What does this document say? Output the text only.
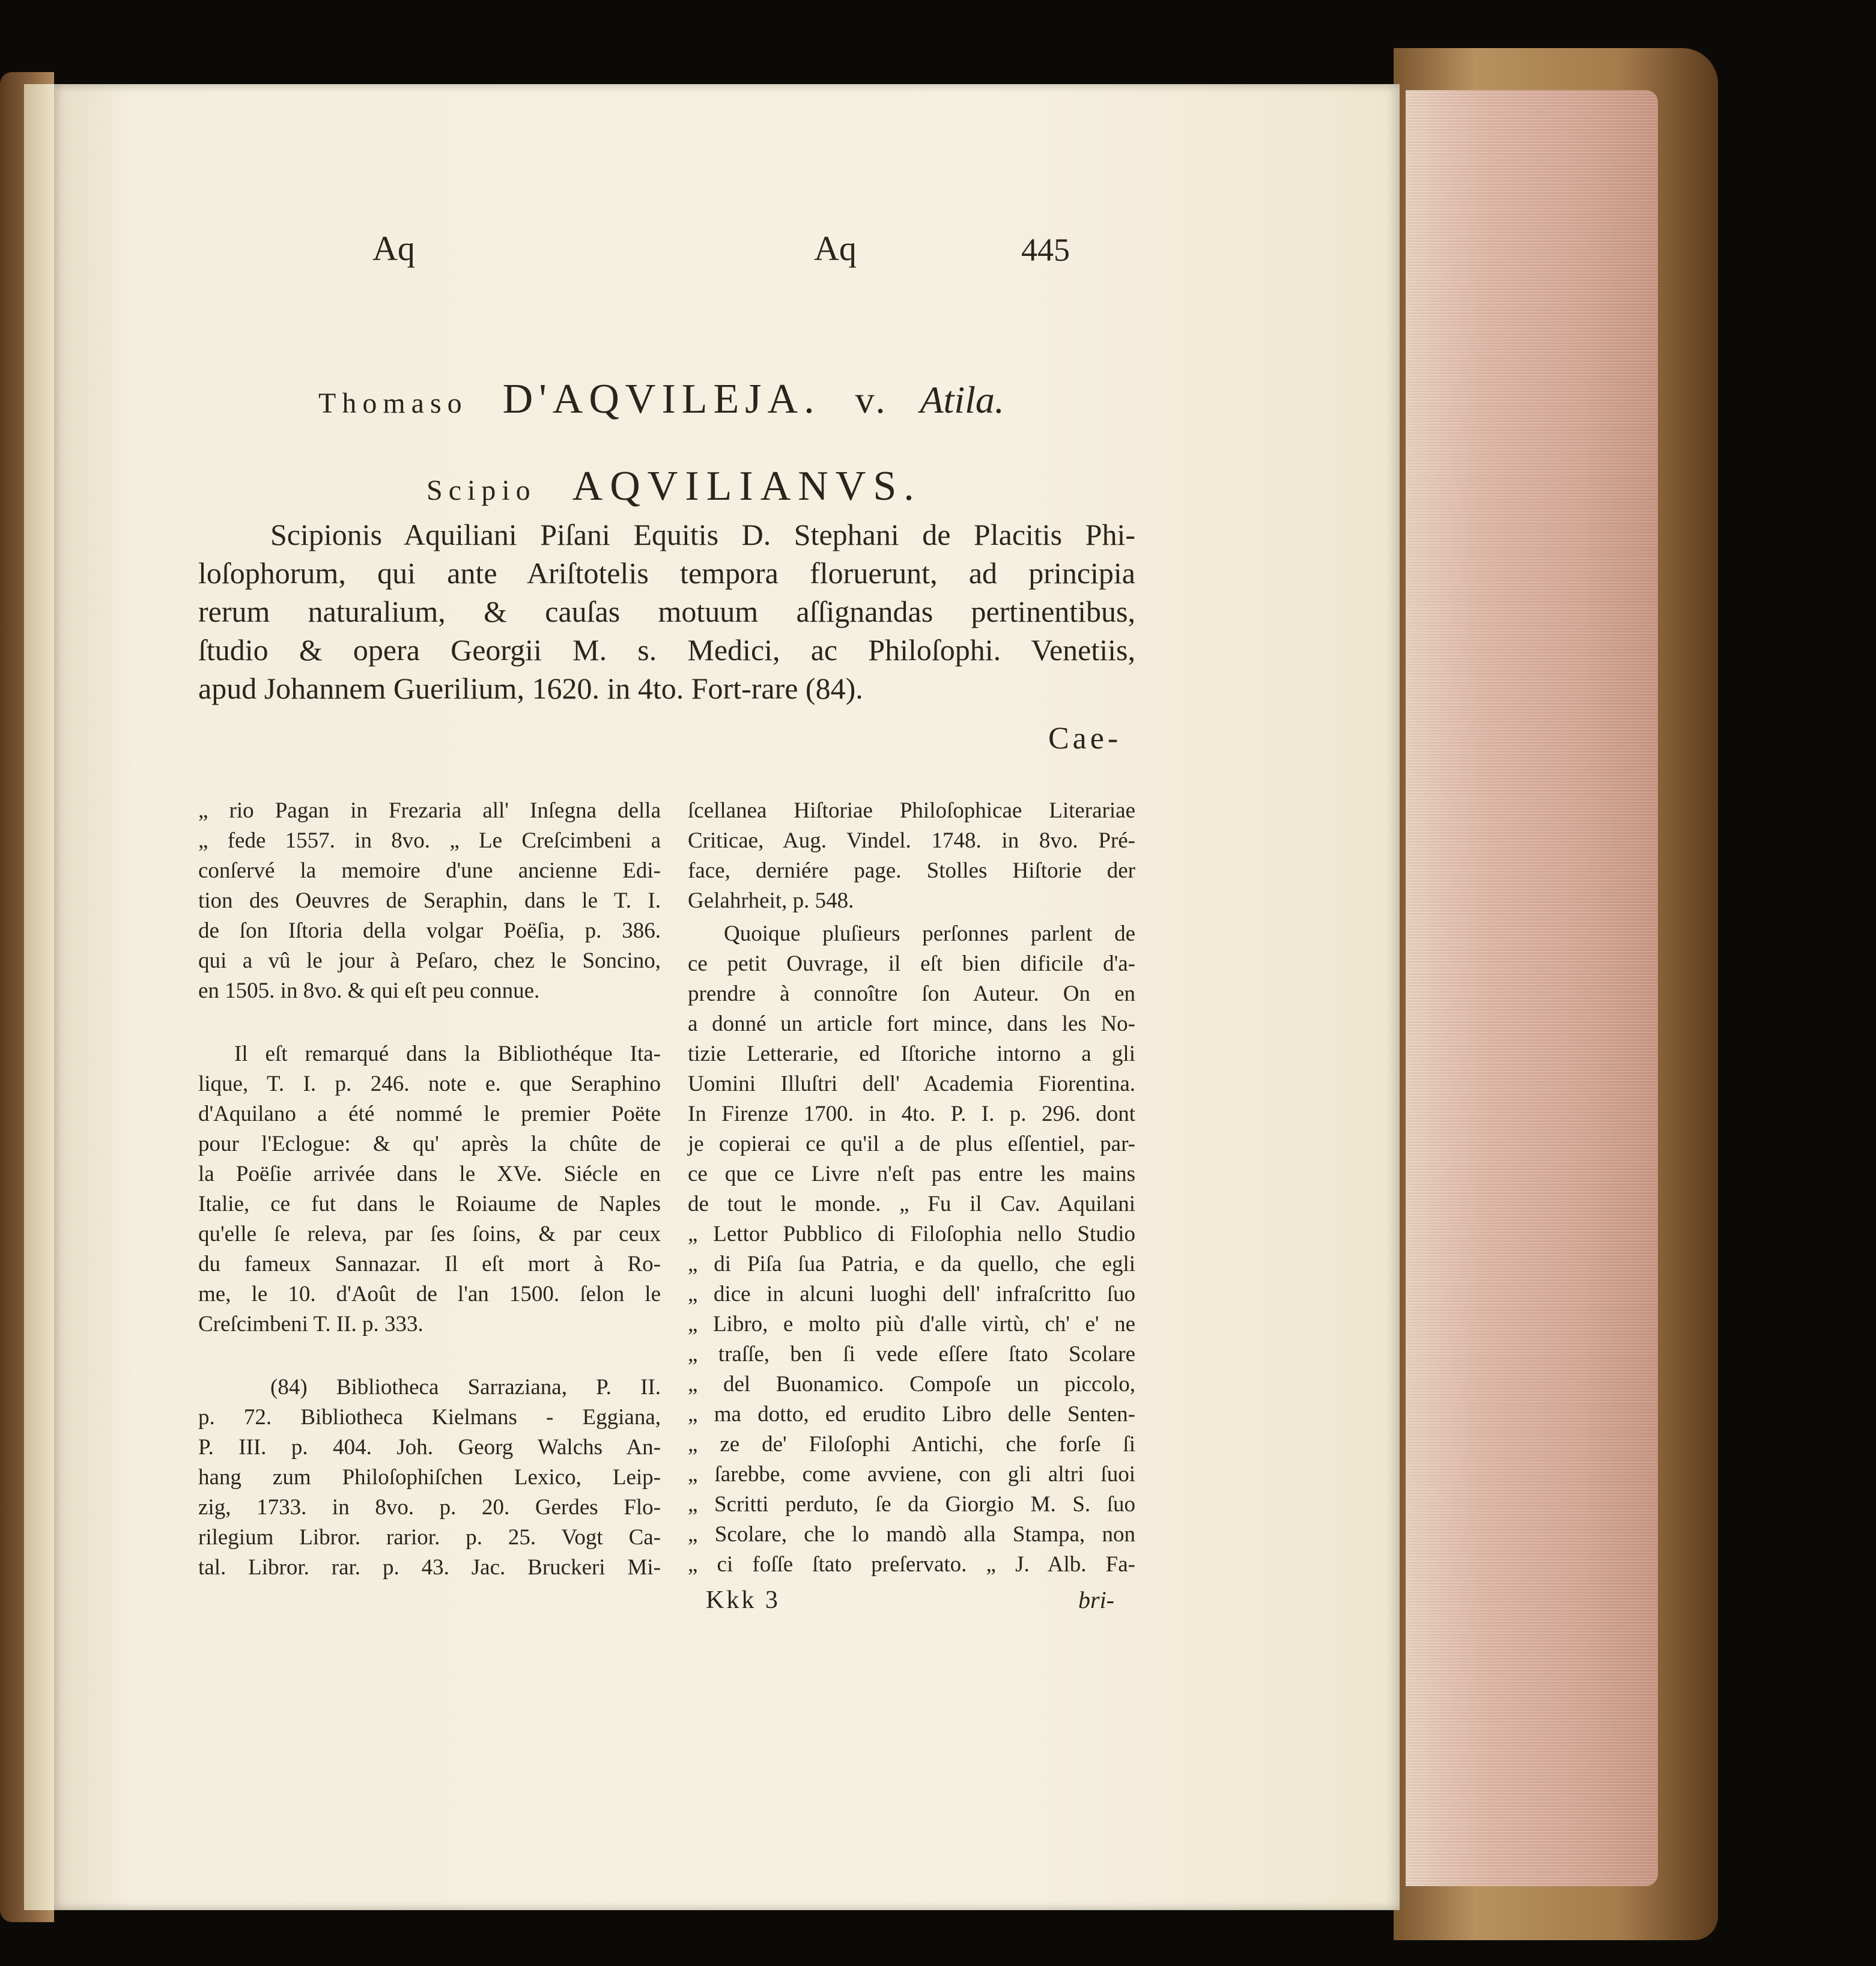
Aq	Aq	445
Thomaso D'AQVILEJA. v. Atila.
Scipio AQVILIANVS.
Scipionis Aquiliani Piſani Equitis D. Stephani de Placitis Phi-
loſophorum, qui ante Ariſtotelis tempora floruerunt, ad principia
rerum naturalium, & cauſas motuum aſſignandas pertinentibus,
ſtudio & opera Georgii M. s. Medici, ac Philoſophi. Venetiis,
apud Johannem Guerilium, 1620. in 4to. Fort-rare (84).
Cae-
„ rio Pagan in Frezaria all' Inſegna della
„ fede 1557. in 8vo. „ Le Creſcimbeni a
conſervé la memoire d'une ancienne Edi-
tion des Oeuvres de Seraphin, dans le T. I.
de ſon Iſtoria della volgar Poëſia, p. 386.
qui a vû le jour à Peſaro, chez le Soncino,
en 1505. in 8vo. & qui eſt peu connue.
Il eſt remarqué dans la Bibliothéque Ita-
lique, T. I. p. 246. note e. que Seraphino
d'Aquilano a été nommé le premier Poëte
pour l'Eclogue: & qu' après la chûte de
la Poëſie arrivée dans le XVe. Siécle en
Italie, ce fut dans le Roiaume de Naples
qu'elle ſe releva, par ſes ſoins, & par ceux
du fameux Sannazar. Il eſt mort à Ro-
me, le 10. d'Août de l'an 1500. ſelon le
Creſcimbeni T. II. p. 333.
(84) Bibliotheca Sarraziana, P. II.
p. 72. Bibliotheca Kielmans - Eggiana,
P. III. p. 404. Joh. Georg Walchs An-
hang zum Philoſophiſchen Lexico, Leip-
zig, 1733. in 8vo. p. 20. Gerdes Flo-
rilegium Libror. rarior. p. 25. Vogt Ca-
tal. Libror. rar. p. 43. Jac. Bruckeri Mi-
ſcellanea Hiſtoriae Philoſophicae Literariae
Criticae, Aug. Vindel. 1748. in 8vo. Pré-
face, derniére page. Stolles Hiſtorie der
Gelahrheit, p. 548.
Quoique pluſieurs perſonnes parlent de
ce petit Ouvrage, il eſt bien dificile d'a-
prendre à connoître ſon Auteur. On en
a donné un article fort mince, dans les No-
tizie Letterarie, ed Iſtoriche intorno a gli
Uomini Illuſtri dell' Academia Fiorentina.
In Firenze 1700. in 4to. P. I. p. 296. dont
je copierai ce qu'il a de plus eſſentiel, par-
ce que ce Livre n'eſt pas entre les mains
de tout le monde. „ Fu il Cav. Aquilani
„ Lettor Pubblico di Filoſophia nello Studio
„ di Piſa ſua Patria, e da quello, che egli
„ dice in alcuni luoghi dell' infraſcritto ſuo
„ Libro, e molto più d'alle virtù, ch' e' ne
„ traſſe, ben ſi vede eſſere ſtato Scolare
„ del Buonamico. Compoſe un piccolo,
„ ma dotto, ed erudito Libro delle Senten-
„ ze de' Filoſophi Antichi, che forſe ſi
„ ſarebbe, come avviene, con gli altri ſuoi
„ Scritti perduto, ſe da Giorgio M. S. ſuo
„ Scolare, che lo mandò alla Stampa, non
„ ci foſſe ſtato preſervato. „ J. Alb. Fa-
Kkk 3	bri-
